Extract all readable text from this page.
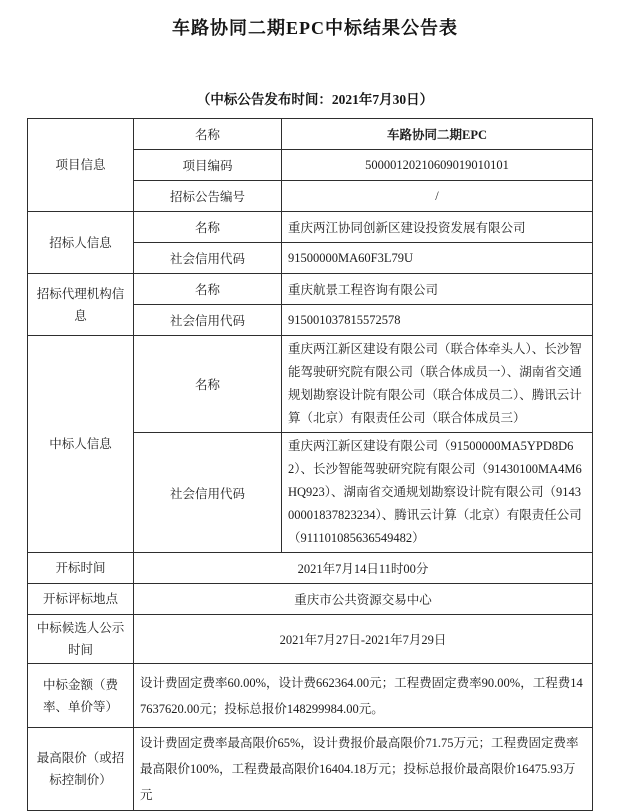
车路协同二期EPC中标结果公告表
（中标公告发布时间：2021年7月30日）
项目信息	名称	车路协同二期EPC
	项目编码	50000120210609019010101
	招标公告编号	/
招标人信息	名称	重庆两江协同创新区建设投资发展有限公司
	社会信用代码	91500000MA60F3L79U
招标代理机构信息	名称	重庆航景工程咨询有限公司
	社会信用代码	915001037815572578
中标人信息	名称	重庆两江新区建设有限公司（联合体牵头人）、长沙智能驾驶研究院有限公司（联合体成员一）、湖南省交通规划勘察设计院有限公司（联合体成员二）、腾讯云计算（北京）有限责任公司（联合体成员三）
	社会信用代码	重庆两江新区建设有限公司（91500000MA5YPD8D62）、长沙智能驾驶研究院有限公司（91430100MA4M6HQ923）、湖南省交通规划勘察设计院有限公司（914300001837823234）、腾讯云计算（北京）有限责任公司（911101085636549482）
开标时间	2021年7月14日11时00分	
开标评标地点	重庆市公共资源交易中心	
中标候选人公示时间	2021年7月27日-2021年7月29日	
中标金额（费率、单价等）	设计费固定费率60.00%，设计费662364.00元；工程费固定费率90.00%，工程费147637620.00元；投标总报价148299984.00元。	
最高限价（或招标控制价）	设计费固定费率最高限价65%，设计费报价最高限价71.75万元；工程费固定费率最高限价100%，工程费最高限价16404.18万元；投标总报价最高限价16475.93万元	
